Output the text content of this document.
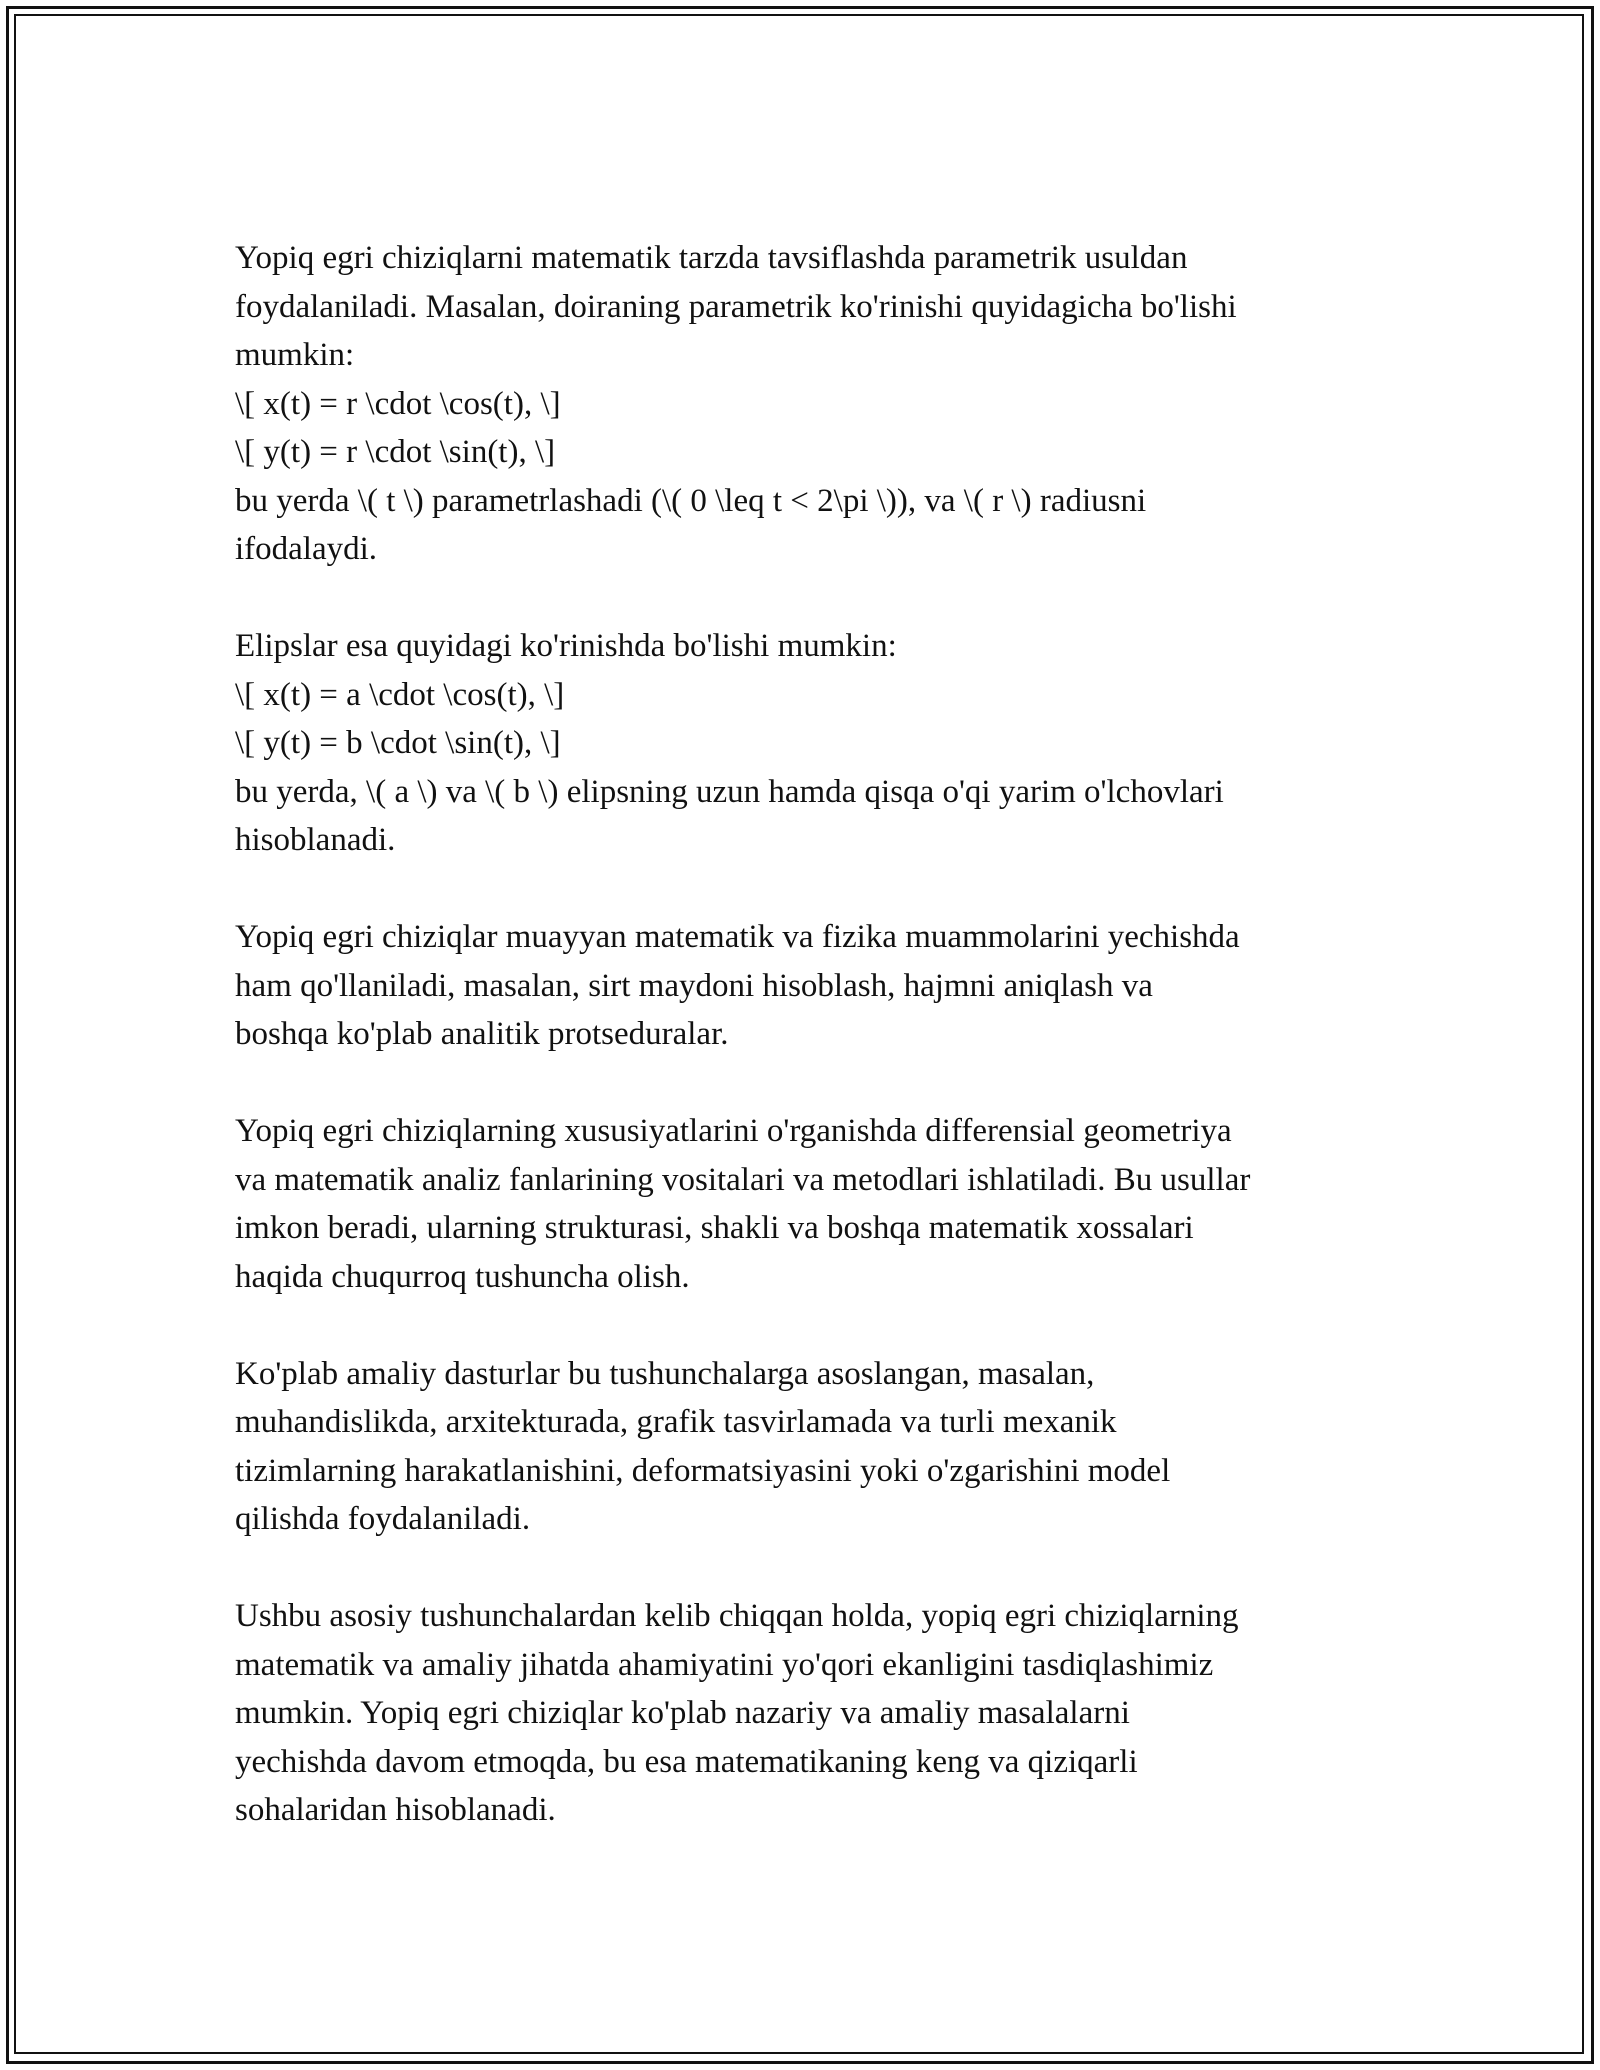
Yopiq egri chiziqlarni matematik tarzda tavsiflashda parametrik usuldan
foydalaniladi. Masalan, doiraning parametrik ko'rinishi quyidagicha bo'lishi
mumkin:
\[ x(t) = r \cdot \cos(t), \]
\[ y(t) = r \cdot \sin(t), \]
bu yerda \( t \) parametrlashadi (\( 0 \leq t < 2\pi \)), va \( r \) radiusni
ifodalaydi.
Elipslar esa quyidagi ko'rinishda bo'lishi mumkin:
\[ x(t) = a \cdot \cos(t), \]
\[ y(t) = b \cdot \sin(t), \]
bu yerda, \( a \) va \( b \) elipsning uzun hamda qisqa o'qi yarim o'lchovlari
hisoblanadi.
Yopiq egri chiziqlar muayyan matematik va fizika muammolarini yechishda
ham qo'llaniladi, masalan, sirt maydoni hisoblash, hajmni aniqlash va
boshqa ko'plab analitik protseduralar.
Yopiq egri chiziqlarning xususiyatlarini o'rganishda differensial geometriya
va matematik analiz fanlarining vositalari va metodlari ishlatiladi. Bu usullar
imkon beradi, ularning strukturasi, shakli va boshqa matematik xossalari
haqida chuqurroq tushuncha olish.
Ko'plab amaliy dasturlar bu tushunchalarga asoslangan, masalan,
muhandislikda, arxitekturada, grafik tasvirlamada va turli mexanik
tizimlarning harakatlanishini, deformatsiyasini yoki o'zgarishini model
qilishda foydalaniladi.
Ushbu asosiy tushunchalardan kelib chiqqan holda, yopiq egri chiziqlarning
matematik va amaliy jihatda ahamiyatini yo'qori ekanligini tasdiqlashimiz
mumkin. Yopiq egri chiziqlar ko'plab nazariy va amaliy masalalarni
yechishda davom etmoqda, bu esa matematikaning keng va qiziqarli
sohalaridan hisoblanadi.
